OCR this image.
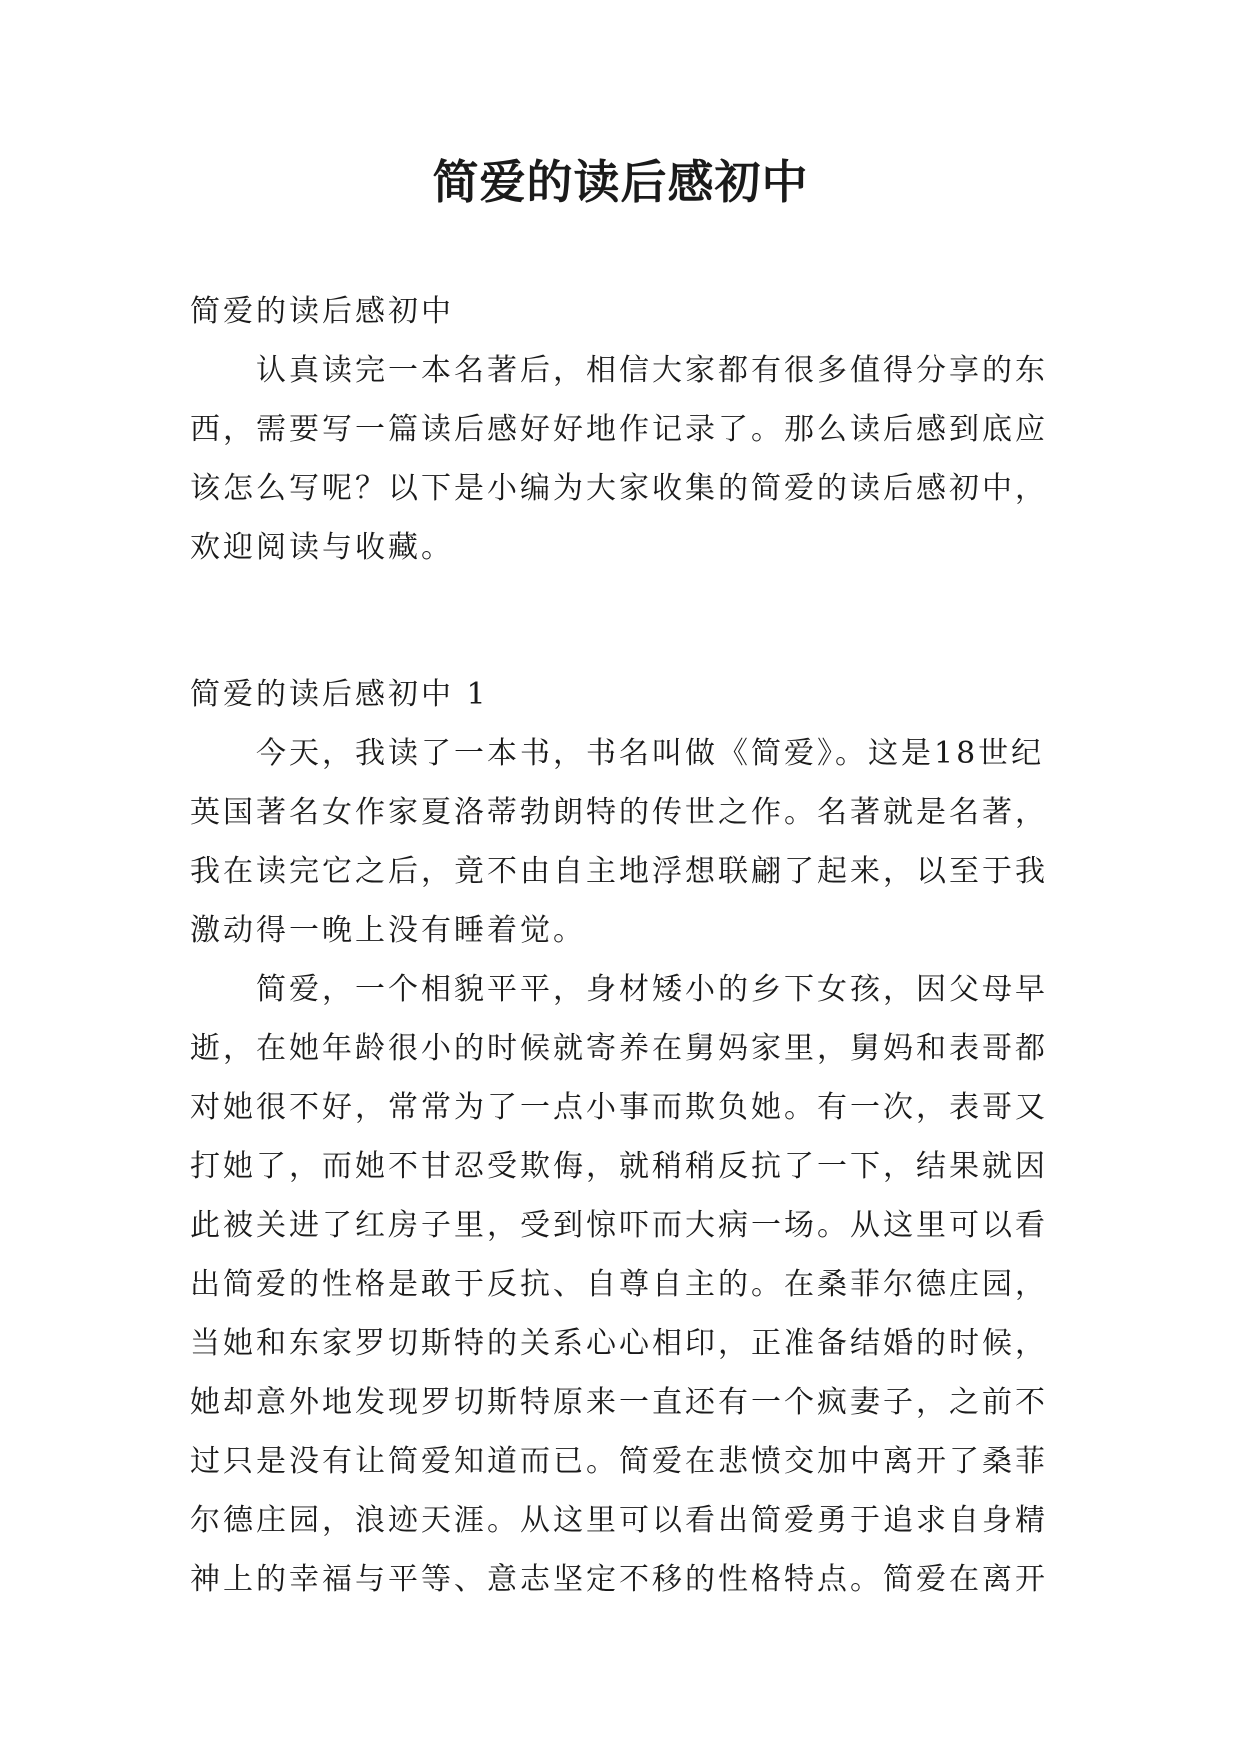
简爱的读后感初中

简爱的读后感初中

认真读完一本名著后，相信大家都有很多值得分享的东西，需要写一篇读后感好好地作记录了。那么读后感到底应该怎么写呢？以下是小编为大家收集的简爱的读后感初中，欢迎阅读与收藏。

简爱的读后感初中 1

今天，我读了一本书，书名叫做《简爱》。这是18世纪英国著名女作家夏洛蒂勃朗特的传世之作。名著就是名著，我在读完它之后，竟不由自主地浮想联翩了起来，以至于我激动得一晚上没有睡着觉。

简爱，一个相貌平平，身材矮小的乡下女孩，因父母早逝，在她年龄很小的时候就寄养在舅妈家里，舅妈和表哥都对她很不好，常常为了一点小事而欺负她。有一次，表哥又打她了，而她不甘忍受欺侮，就稍稍反抗了一下，结果就因此被关进了红房子里，受到惊吓而大病一场。从这里可以看出简爱的性格是敢于反抗、自尊自主的。在桑菲尔德庄园，当她和东家罗切斯特的关系心心相印，正准备结婚的时候，她却意外地发现罗切斯特原来一直还有一个疯妻子，之前不过只是没有让简爱知道而已。简爱在悲愤交加中离开了桑菲尔德庄园，浪迹天涯。从这里可以看出简爱勇于追求自身精神上的幸福与平等、意志坚定不移的性格特点。简爱在离开
